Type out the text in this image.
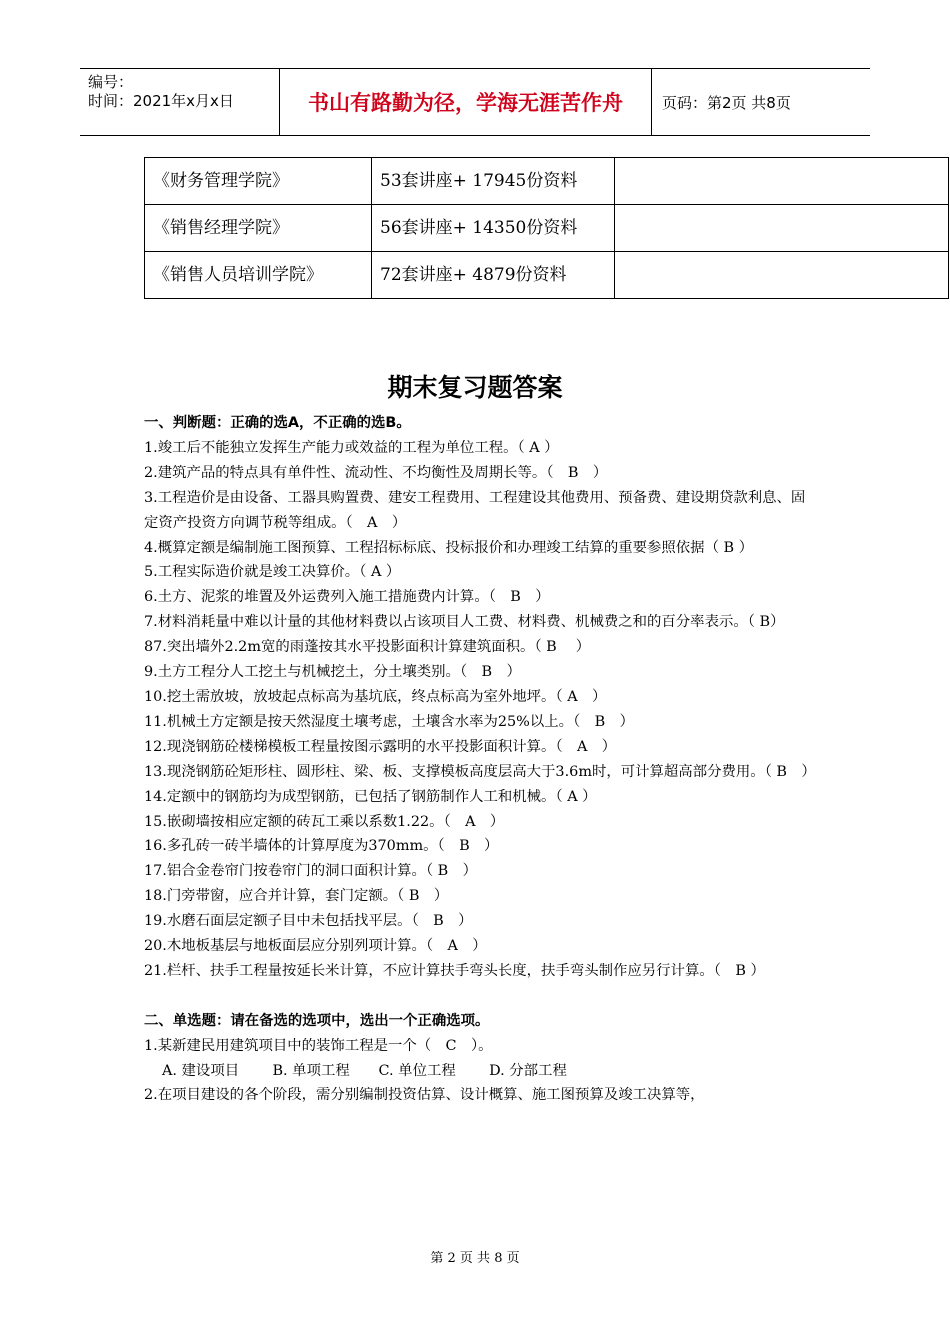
编号：
时间：2021年x月x日	书山有路勤为径，学海无涯苦作舟	页码：第2页 共8页
《财务管理学院》	53套讲座+ 17945份资料	
《销售经理学院》	56套讲座+ 14350份资料	
《销售人员培训学院》	72套讲座+ 4879份资料	
期末复习题答案

一、判断题：正确的选A，不正确的选B。

1.竣工后不能独立发挥生产能力或效益的工程为单位工程。（ A ）

2.建筑产品的特点具有单件性、流动性、不均衡性及周期长等。（　B　）

3.工程造价是由设备、工器具购置费、建安工程费用、工程建设其他费用、预备费、建设期贷款利息、固定资产投资方向调节税等组成。（　A　）

4.概算定额是编制施工图预算、工程招标标底、投标报价和办理竣工结算的重要参照依据（ B ）

5.工程实际造价就是竣工决算价。（ A ）

6.土方、泥浆的堆置及外运费列入施工措施费内计算。（　B　）

7.材料消耗量中难以计量的其他材料费以占该项目人工费、材料费、机械费之和的百分率表示。（ B）

87.突出墙外2.2m宽的雨蓬按其水平投影面积计算建筑面积。（ B　 ）

9.土方工程分人工挖土与机械挖土，分土壤类别。（　B　）

10.挖土需放坡，放坡起点标高为基坑底，终点标高为室外地坪。（ A　）

11.机械土方定额是按天然湿度土壤考虑，土壤含水率为25%以上。（　B　）

12.现浇钢筋砼楼梯模板工程量按图示露明的水平投影面积计算。（　A　）

13.现浇钢筋砼矩形柱、圆形柱、梁、板、支撑模板高度层高大于3.6m时，可计算超高部分费用。（ B　）

14.定额中的钢筋均为成型钢筋，已包括了钢筋制作人工和机械。（ A ）

15.嵌砌墙按相应定额的砖瓦工乘以系数1.22。（　A　）

16.多孔砖一砖半墙体的计算厚度为370mm。（　B　）

17.铝合金卷帘门按卷帘门的洞口面积计算。（ B　）

18.门旁带窗，应合并计算，套门定额。（ B　）

19.水磨石面层定额子目中未包括找平层。（　B　）

20.木地板基层与地板面层应分别列项计算。（　A　）

21.栏杆、扶手工程量按延长米计算，不应计算扶手弯头长度，扶手弯头制作应另行计算。（　B ）

二、单选题：请在备选的选项中，选出一个正确选项。

1.某新建民用建筑项目中的装饰工程是一个（　C　）。

A. 建设项目　　 B. 单项工程　　C. 单位工程　　 D. 分部工程

2.在项目建设的各个阶段，需分别编制投资估算、设计概算、施工图预算及竣工决算等，

第 2 页 共 8 页
